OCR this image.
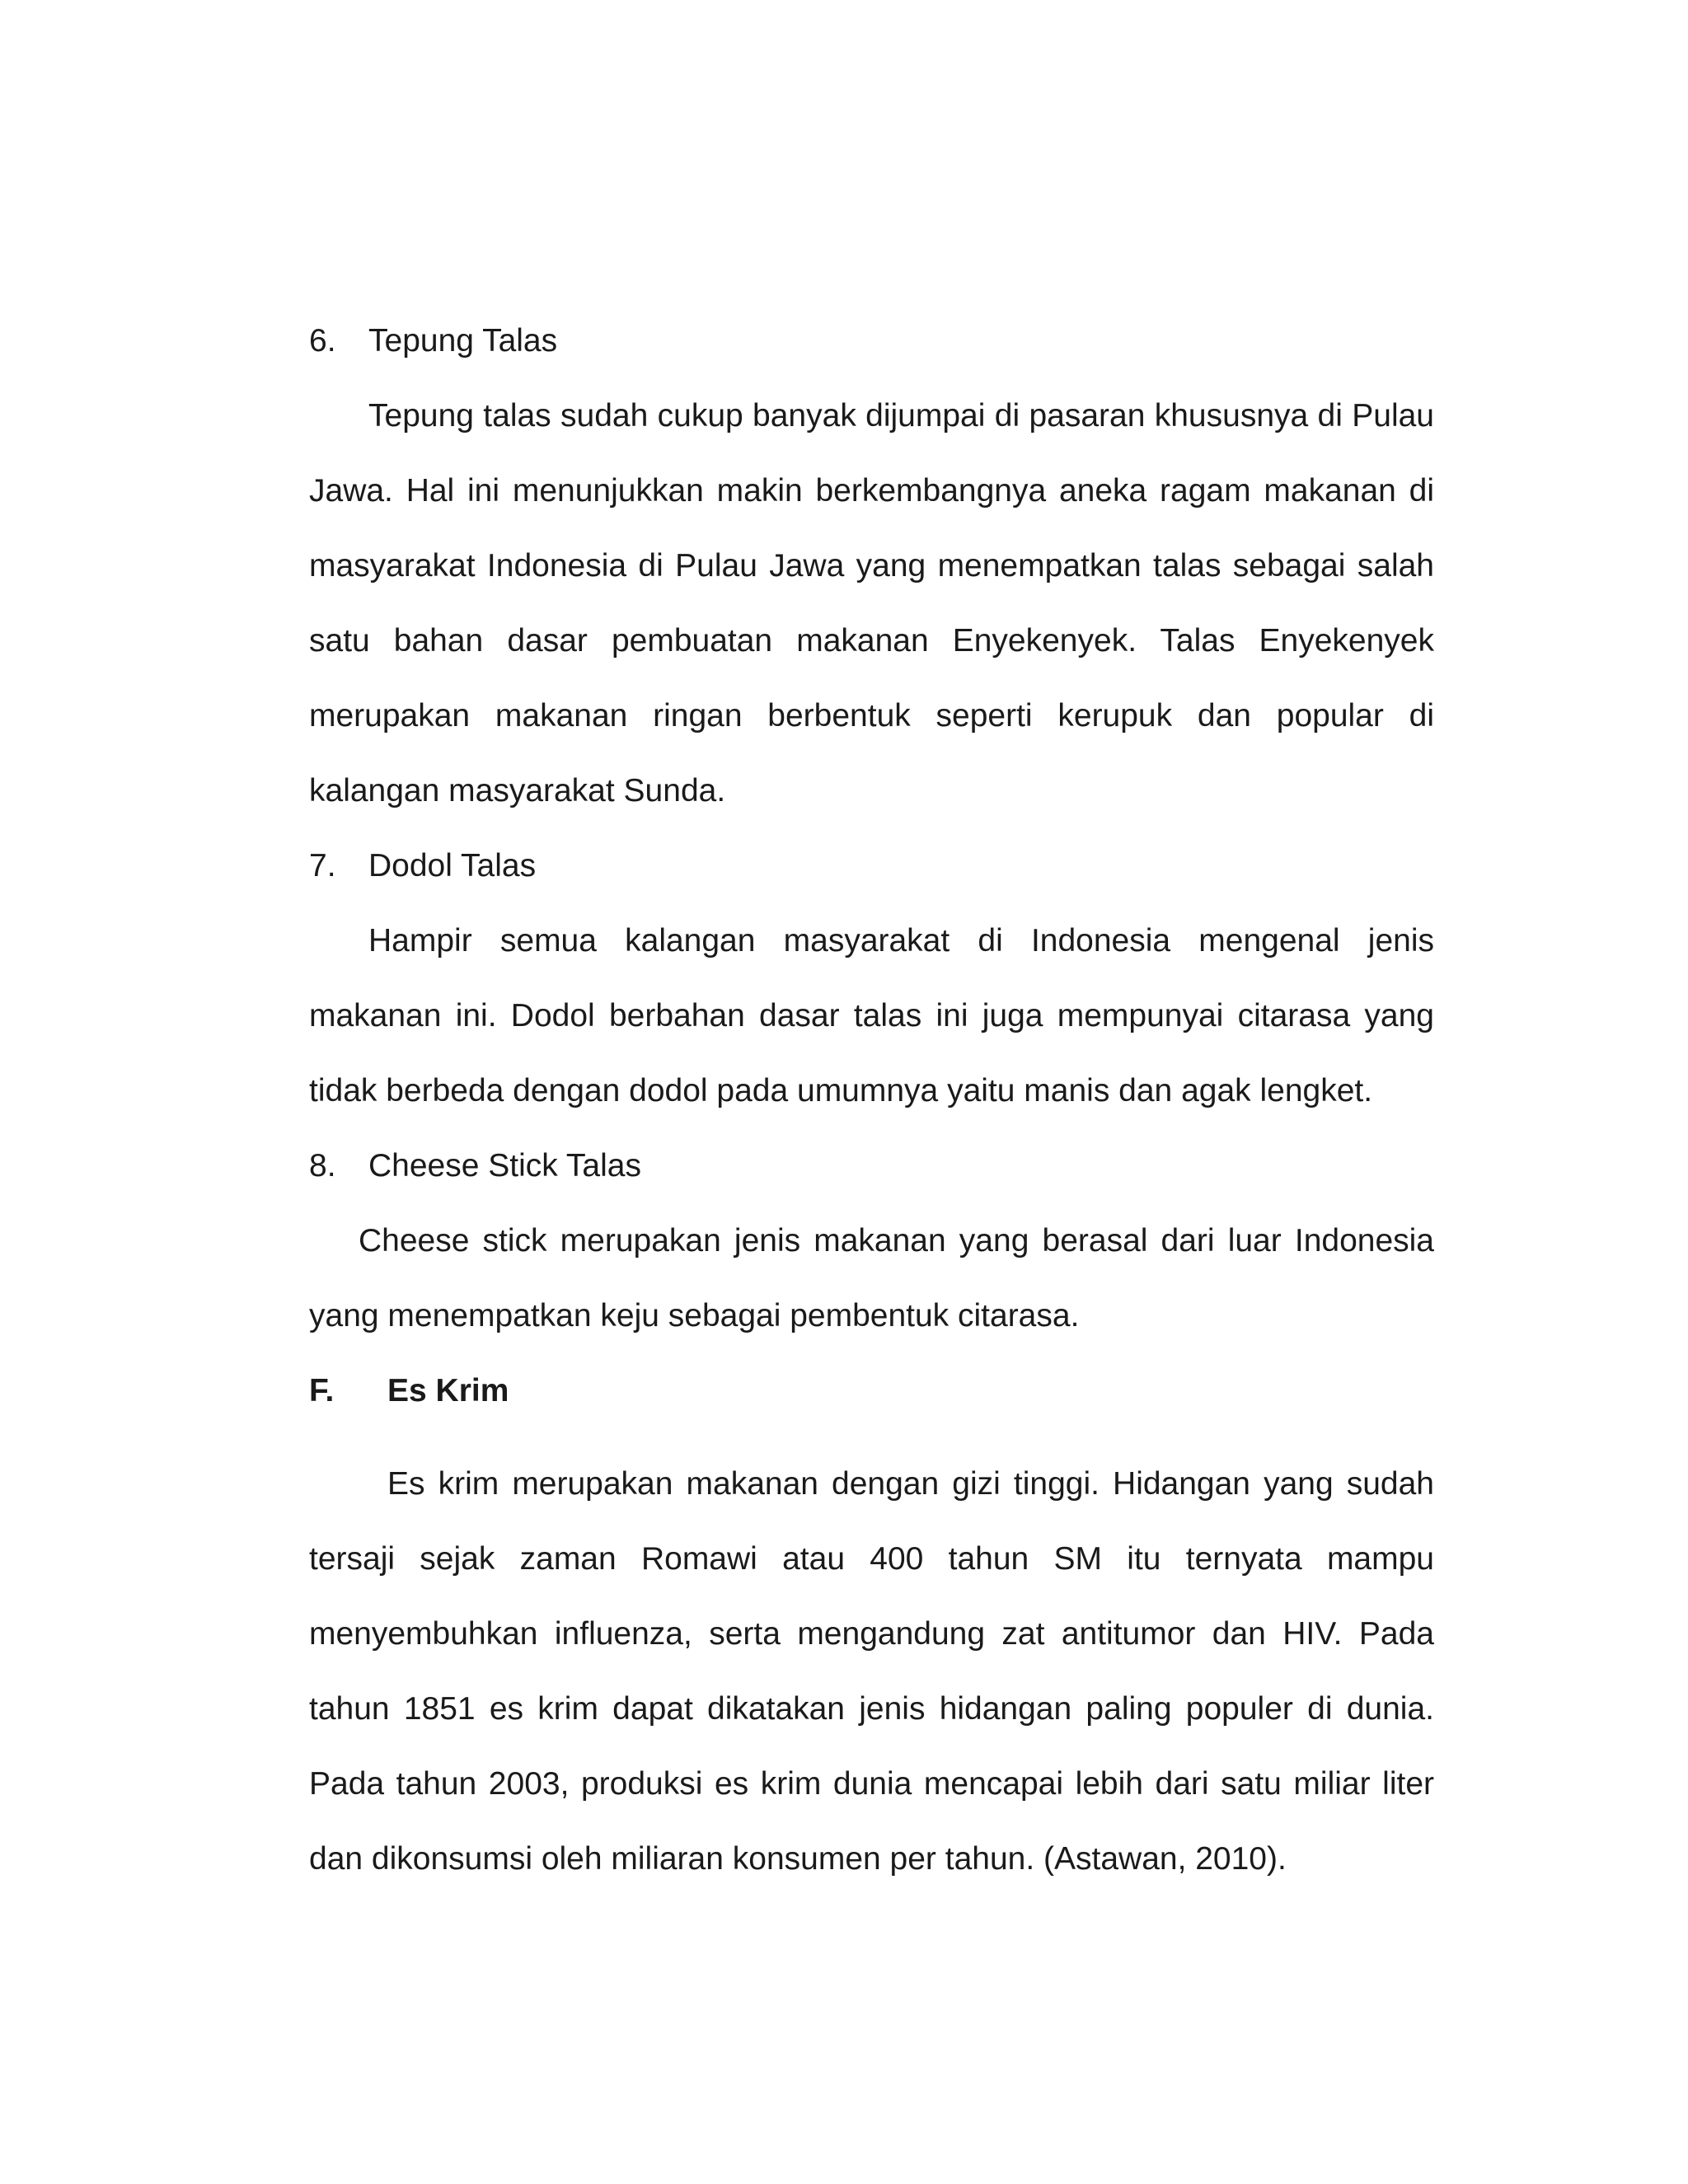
6.	Tepung Talas

Tepung talas sudah cukup banyak dijumpai di pasaran khususnya di Pulau Jawa. Hal ini menunjukkan makin berkembangnya aneka ragam makanan di masyarakat Indonesia di Pulau Jawa yang menempatkan talas sebagai salah satu bahan dasar pembuatan makanan Enyekenyek. Talas Enyekenyek merupakan makanan ringan berbentuk seperti kerupuk dan popular di kalangan masyarakat Sunda.

7.	Dodol Talas

Hampir semua kalangan masyarakat di Indonesia mengenal jenis makanan ini. Dodol berbahan dasar talas ini juga mempunyai citarasa yang tidak berbeda dengan dodol pada umumnya yaitu manis dan agak lengket.

8.	Cheese Stick Talas

Cheese stick merupakan jenis makanan yang berasal dari luar Indonesia yang menempatkan keju sebagai pembentuk citarasa.

F.	Es Krim

Es krim merupakan makanan dengan gizi tinggi. Hidangan yang sudah tersaji sejak zaman Romawi atau 400 tahun SM itu ternyata mampu menyembuhkan influenza, serta mengandung zat antitumor dan HIV. Pada tahun 1851 es krim dapat dikatakan jenis hidangan paling populer di dunia. Pada tahun 2003, produksi es krim dunia mencapai lebih dari satu miliar liter dan dikonsumsi oleh miliaran konsumen per tahun. (Astawan, 2010).
